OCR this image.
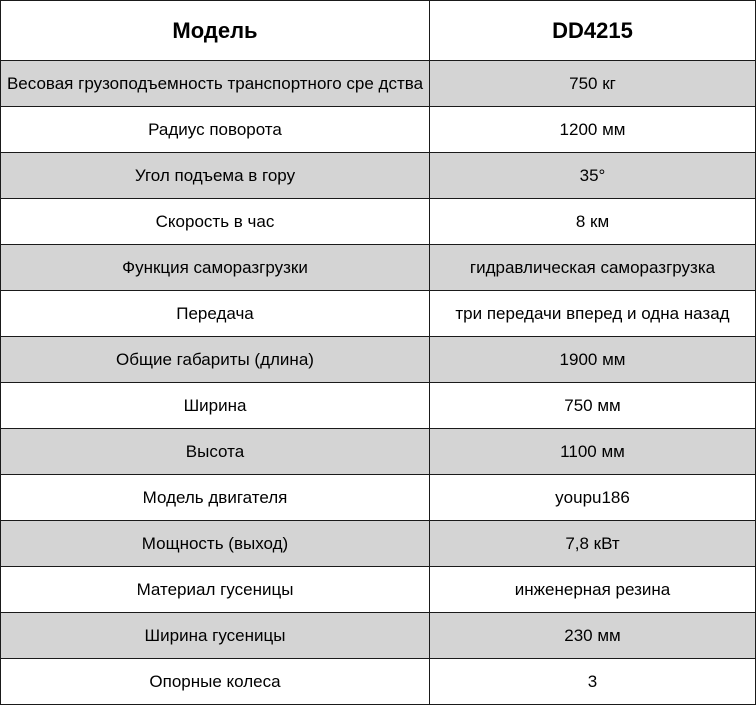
Модель	DD4215
Весовая грузоподъемность транспортного сре дства	750 кг
Радиус поворота	1200 мм
Угол подъема в гору	35°
Скорость в час	8 км
Функция саморазгрузки	гидравлическая саморазгрузка
Передача	три передачи вперед и одна назад
Общие габариты (длина)	1900 мм
Ширина	750 мм
Высота	1100 мм
Модель двигателя	youpu186
Мощность (выход)	7,8 кВт
Материал гусеницы	инженерная резина
Ширина гусеницы	230 мм
Опорные колеса	3
